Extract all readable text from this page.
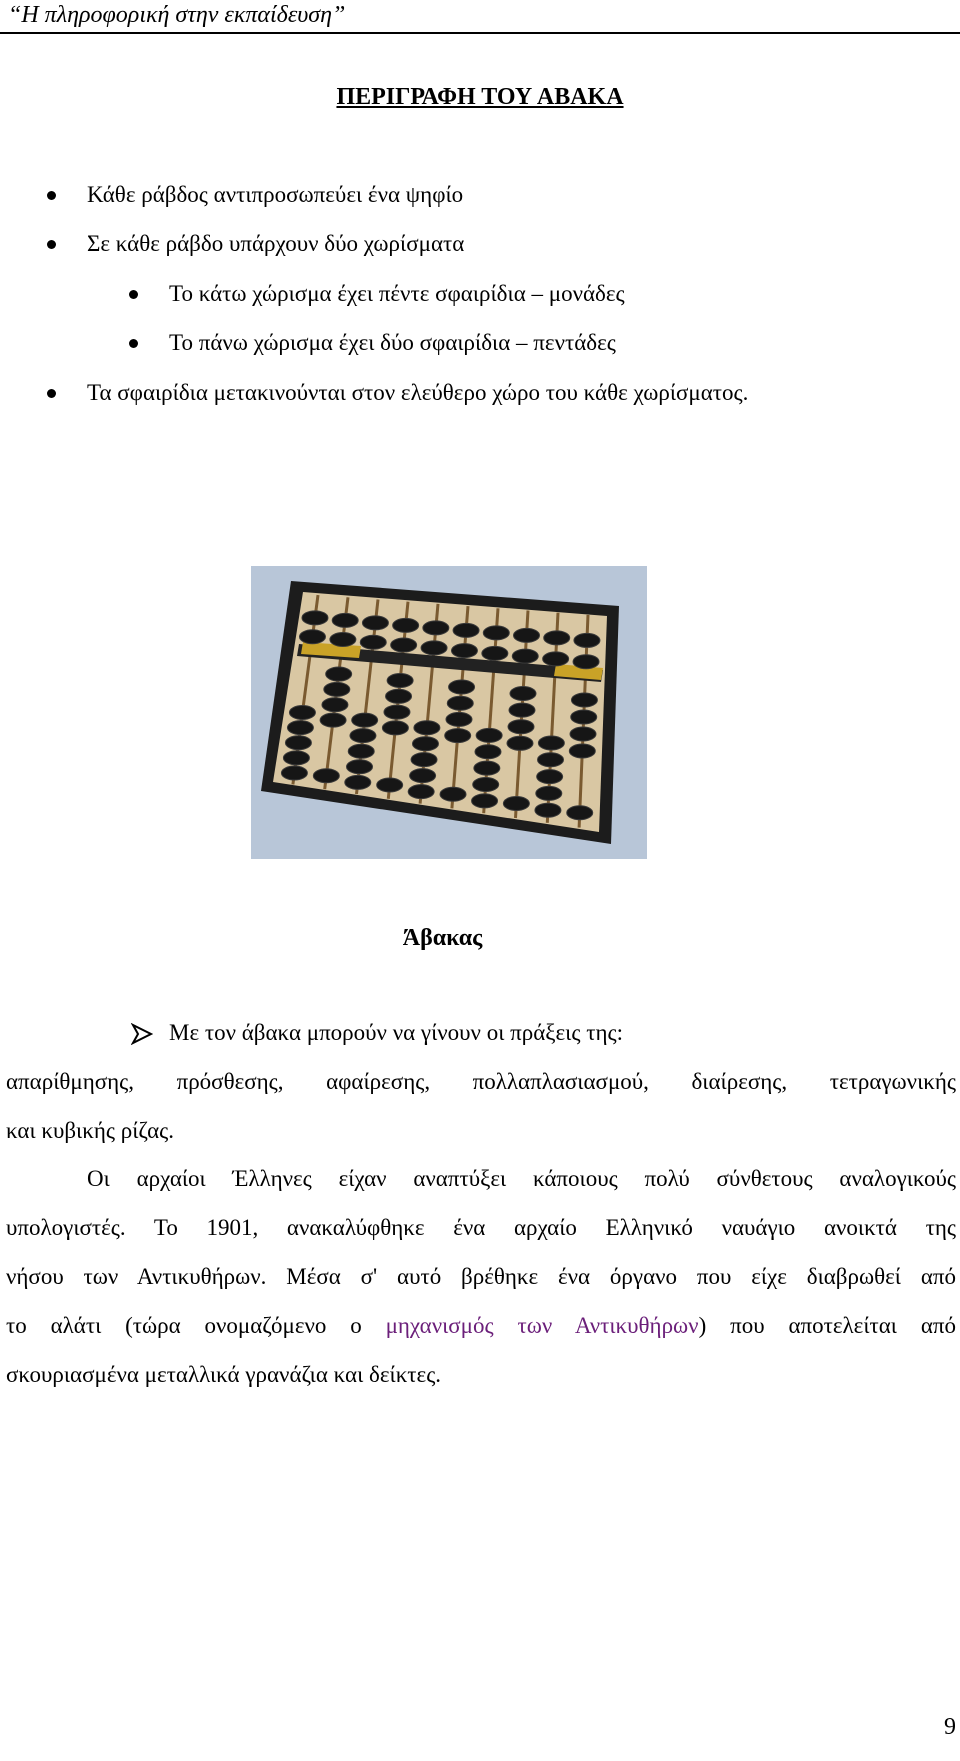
“Η πληροφορική στην εκπαίδευση”
ΠΕΡΙΓΡΑΦΗ ΤΟΥ ΑΒΑΚΑ
Κάθε ράβδος αντιπροσωπεύει ένα ψηφίο
Σε κάθε ράβδο υπάρχουν δύο χωρίσματα
Το κάτω χώρισμα έχει πέντε σφαιρίδια – μονάδες
Το πάνω χώρισμα έχει δύο σφαιρίδια – πεντάδες
Τα σφαιρίδια μετακινούνται στον ελεύθερο χώρο του κάθε χωρίσματος.
Άβακας
Με τον άβακα μπορούν να γίνουν οι πράξεις της:
απαρίθμησης, πρόσθεσης, αφαίρεσης, πολλαπλασιασμού, διαίρεσης, τετραγωνικής
και κυβικής ρίζας.
Οι αρχαίοι Έλληνες είχαν αναπτύξει κάποιους πολύ σύνθετους αναλογικούς
υπολογιστές. Το 1901, ανακαλύφθηκε ένα αρχαίο Ελληνικό ναυάγιο ανοικτά της
νήσου των Αντικυθήρων. Μέσα σ' αυτό βρέθηκε ένα όργανο που είχε διαβρωθεί από
το αλάτι (τώρα ονομαζόμενο ο μηχανισμός των Αντικυθήρων) που αποτελείται από
σκουριασμένα μεταλλικά γρανάζια και δείκτες.
9
